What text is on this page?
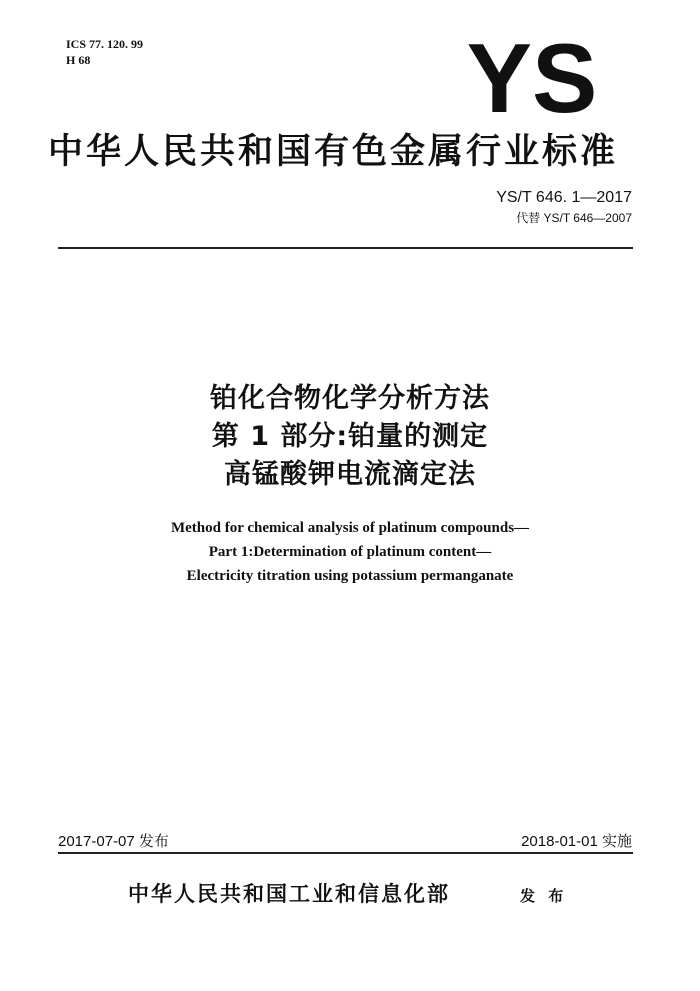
ICS 77. 120. 99
H 68	YS
中华人民共和国有色金属行业标准
YS/T 646. 1—2017
代替 YS/T 646—2007
铂化合物化学分析方法
第 1 部分:铂量的测定
高锰酸钾电流滴定法
Method for chemical analysis of platinum compounds—
Part 1:Determination of platinum content—
Electricity titration using potassium permanganate
2017-07-07 发布	2018-01-01 实施
中华人民共和国工业和信息化部	发 布
